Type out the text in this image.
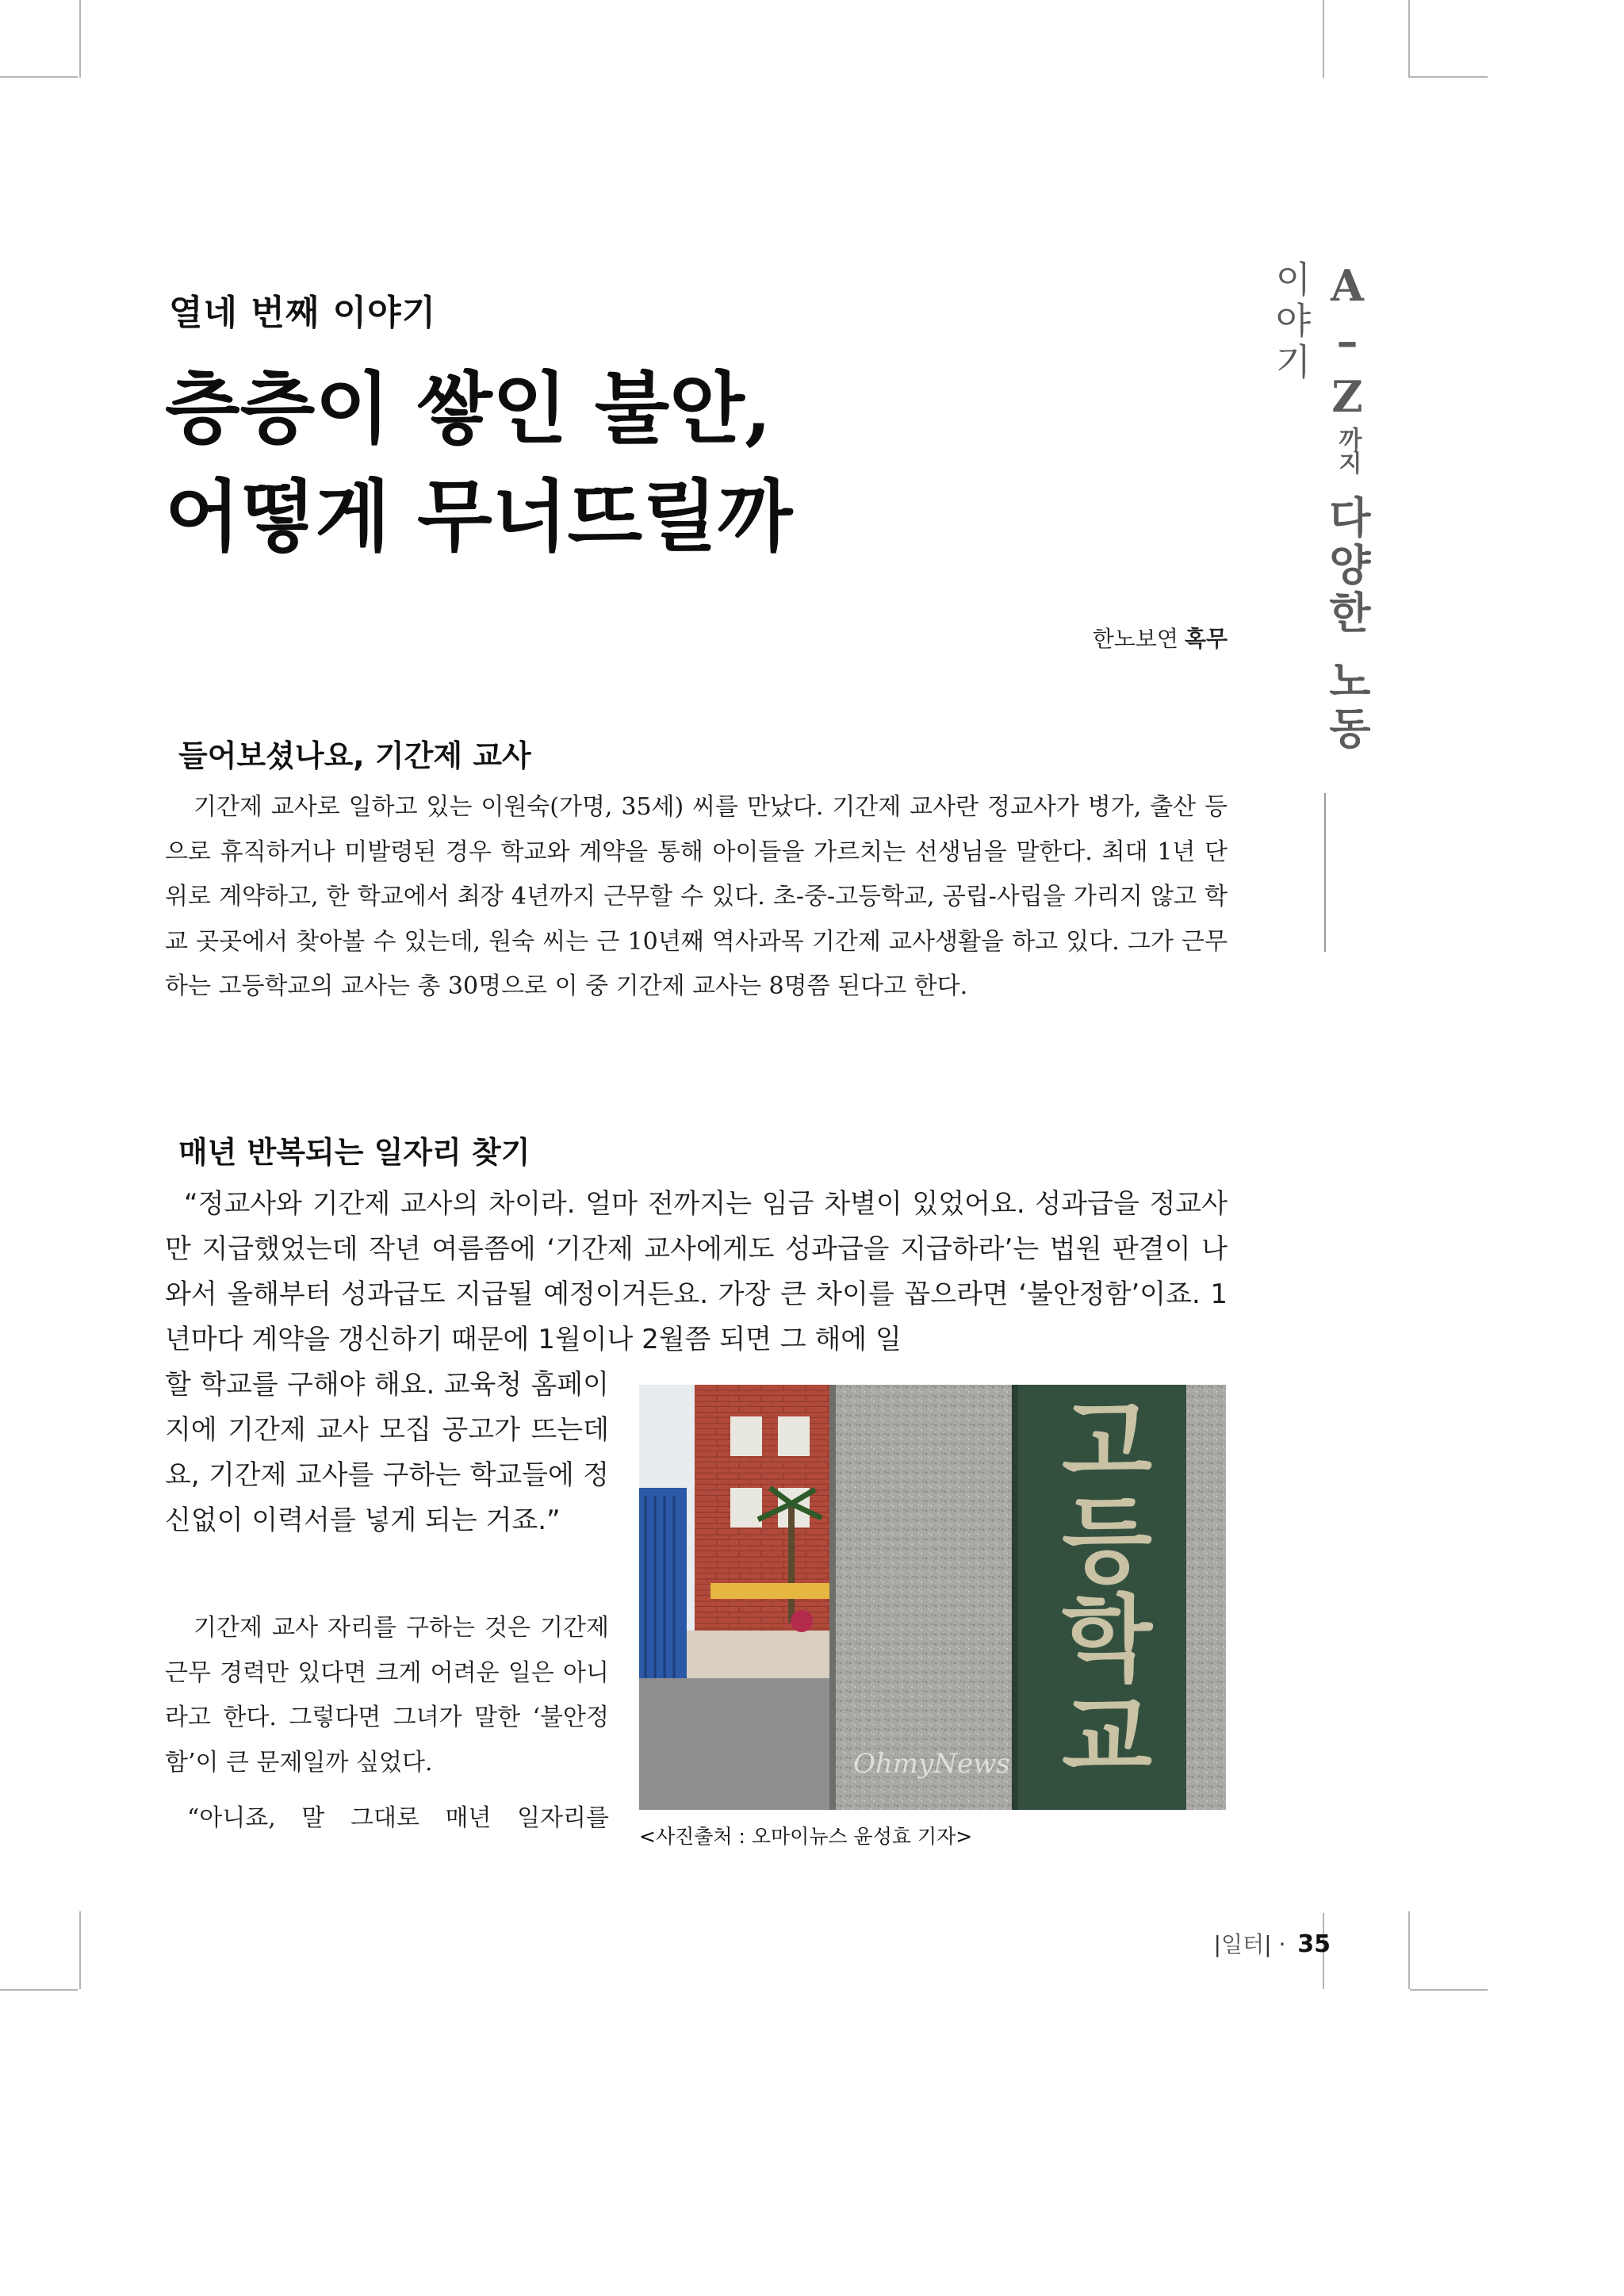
열네 번째 이야기
층층이 쌓인 불안,
어떻게 무너뜨릴까
한노보연 혹무
A–Z까지다양한노동이야기
들어보셨나요, 기간제 교사

기간제 교사로 일하고 있는 이원숙(가명, 35세) 씨를 만났다. 기간제 교사란 정교사가 병가, 출산 등으로 휴직하거나 미발령된 경우 학교와 계약을 통해 아이들을 가르치는 선생님을 말한다. 최대 1년 단위로 계약하고, 한 학교에서 최장 4년까지 근무할 수 있다. 초-중-고등학교, 공립-사립을 가리지 않고 학교 곳곳에서 찾아볼 수 있는데, 원숙 씨는 근 10년째 역사과목 기간제 교사생활을 하고 있다. 그가 근무하는 고등학교의 교사는 총 30명으로 이 중 기간제 교사는 8명쯤 된다고 한다.

매년 반복되는 일자리 찾기

“정교사와 기간제 교사의 차이라. 얼마 전까지는 임금 차별이 있었어요. 성과급을 정교사만 지급했었는데 작년 여름쯤에 ‘기간제 교사에게도 성과급을 지급하라’는 법원 판결이 나와서 올해부터 성과급도 지급될 예정이거든요. 가장 큰 차이를 꼽으라면 ‘불안정함’이죠. 1년마다 계약을 갱신하기 때문에 1월이나 2월쯤 되면 그 해에 일

할 학교를 구해야 해요. 교육청 홈페이지에 기간제 교사 모집 공고가 뜨는데요, 기간제 교사를 구하는 학교들에 정신없이 이력서를 넣게 되는 거죠.”

기간제 교사 자리를 구하는 것은 기간제 근무 경력만 있다면 크게 어려운 일은 아니라고 한다. 그렇다면 그녀가 말한 ‘불안정함’이 큰 문제일까 싶었다.

“아니죠, 말 그대로 매년 일자리를

고등학교
OhmyNews
<사진출처 : 오마이뉴스 윤성효 기자>
|일터| · 35
